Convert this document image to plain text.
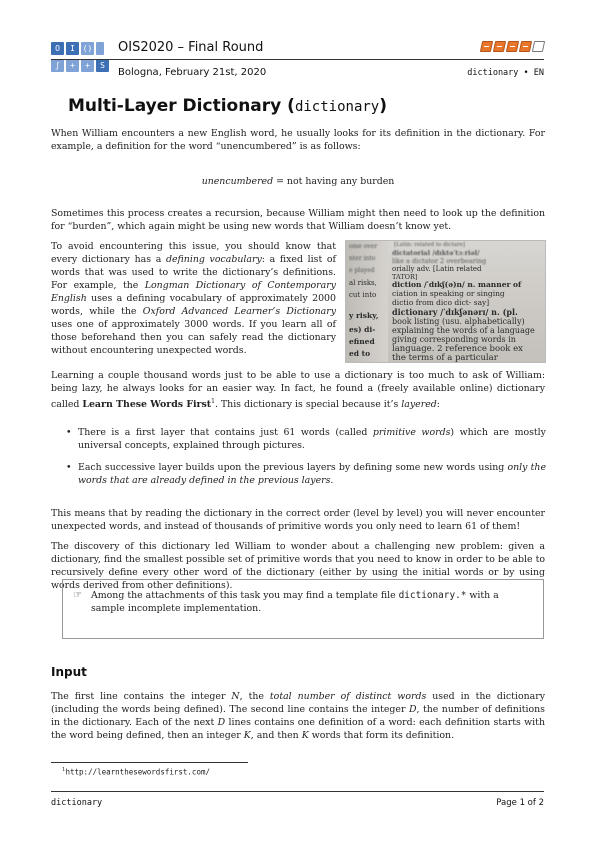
O	I ()
ʃ	+	+	S
OIS2020 – Final Round
Bologna, February 21st, 2020	dictionary • EN
Multi-Layer Dictionary (dictionary)
When William encounters a new English word, he usually looks for its definition in the dictionary. For example, a definition for the word “unencumbered” is as follows:
unencumbered = not having any burden
Sometimes this process creates a recursion, because William might then need to look up the definition for “burden”, which again might be using new words that William doesn’t know yet.
To avoid encountering this issue, you should know that every dictionary has a defining vocabulary: a fixed list of words that was used to write the dictionary’s definitions. For example, the Longman Dictionary of Contemporary English uses a defining vocabulary of approximately 2000 words, while the Oxford Advanced Learner’s Dictionary uses one of approximately 3000 words. If you learn all of those beforehand then you can safely read the dictionary without encountering unexpected words.
ome over
nter into
e played
al risks,
cut into
y risky,
es) di-
efined
ed to
[Latin: related to dictare]
dictatorial /dɪktəˈtɔːriəl/
like a dictator 2 overbearing
orially adv. [Latin related
TATOR]
diction /ˈdɪkʃ(ə)n/ n. manner of
ciation in speaking or singing
dictio from dico dict- say]
dictionary /ˈdɪkʃənərɪ/ n. (pl.
book listing (usu. alphabetically)
explaining the words of a language
giving corresponding words in
language. 2 reference book ex
the terms of a particular
Learning a couple thousand words just to be able to use a dictionary is too much to ask of William: being lazy, he always looks for an easier way. In fact, he found a (freely available online) dictionary called Learn These Words First$^1$. This dictionary is special because it’s layered:
• There is a first layer that contains just 61 words (called primitive words) which are mostly universal concepts, explained through pictures.
• Each successive layer builds upon the previous layers by defining some new words using only the words that are already defined in the previous layers.
This means that by reading the dictionary in the correct order (level by level) you will never encounter unexpected words, and instead of thousands of primitive words you only need to learn 61 of them!
The discovery of this dictionary led William to wonder about a challenging new problem: given a dictionary, find the smallest possible set of primitive words that you need to know in order to be able to recursively define every other word of the dictionary (either by using the initial words or by using words derived from other definitions).
☞ Among the attachments of this task you may find a template file dictionary.* with a sample incomplete implementation.
Input
The first line contains the integer N, the total number of distinct words used in the dictionary (including the words being defined). The second line contains the integer D, the number of definitions in the dictionary. Each of the next D lines contains one definition of a word: each definition starts with the word being defined, then an integer K, and then K words that form its definition.
$^1$http://learnthesewordsfirst.com/
dictionary	Page 1 of 2
